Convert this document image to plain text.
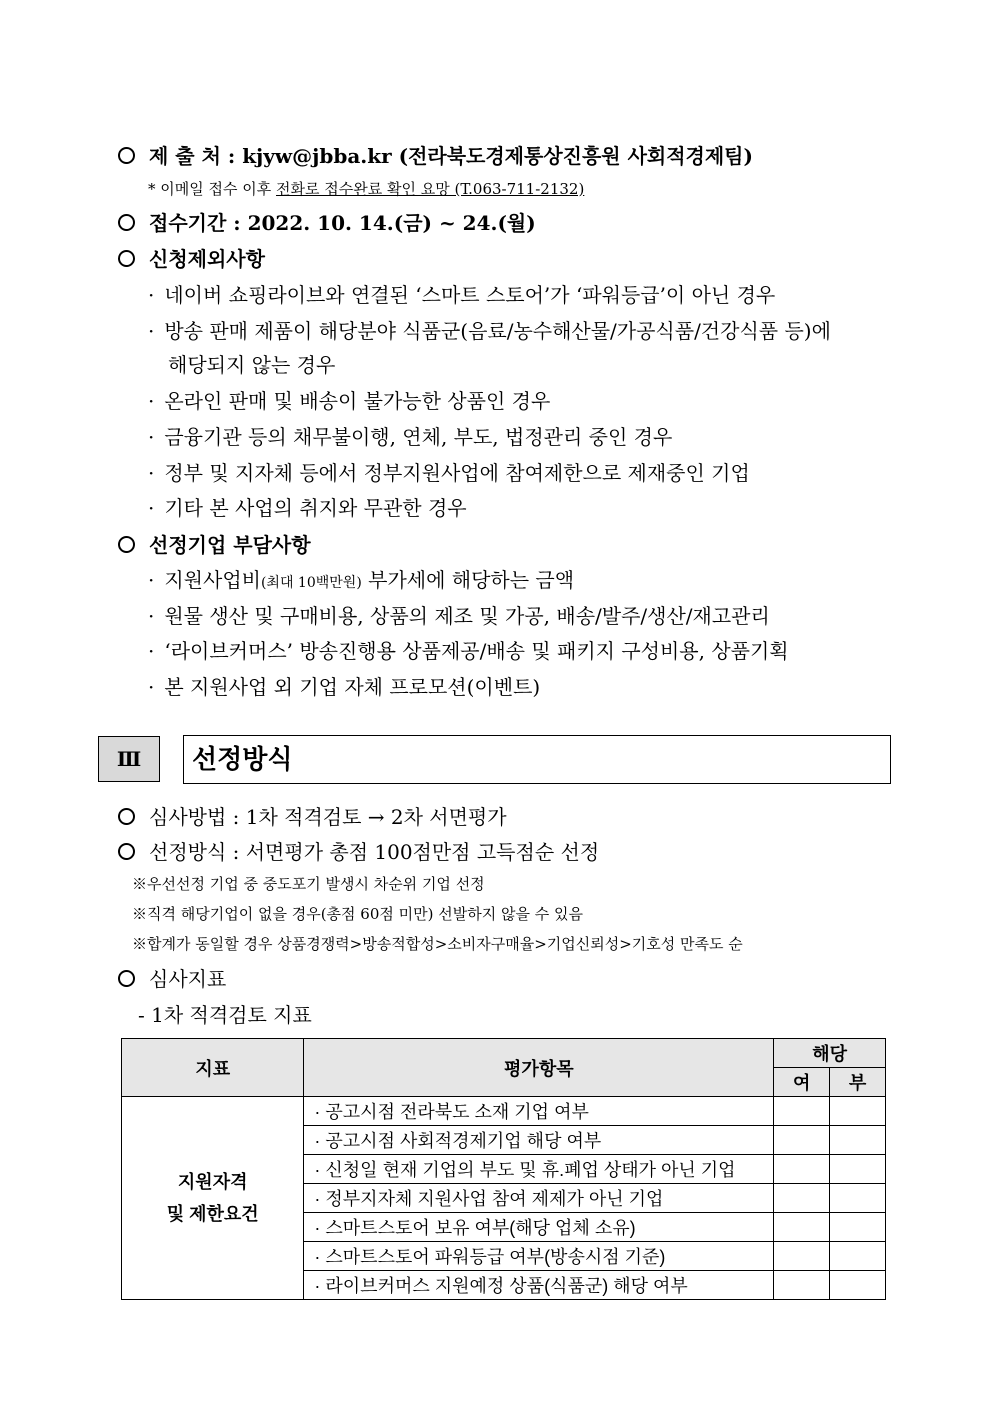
제 출 처 : kjyw@jbba.kr (전라북도경제통상진흥원 사회적경제팀)
* 이메일 접수 이후 전화로 접수완료 확인 요망 (T.063-711-2132)
접수기간 : 2022. 10. 14.(금) ~ 24.(월)
신청제외사항
· 네이버 쇼핑라이브와 연결된 ‘스마트 스토어’가 ‘파워등급’이 아닌 경우
· 방송 판매 제품이 해당분야 식품군(음료/농수해산물/가공식품/건강식품 등)에
해당되지 않는 경우
· 온라인 판매 및 배송이 불가능한 상품인 경우
· 금융기관 등의 채무불이행, 연체, 부도, 법정관리 중인 경우
· 정부 및 지자체 등에서 정부지원사업에 참여제한으로 제재중인 기업
· 기타 본 사업의 취지와 무관한 경우
선정기업 부담사항
· 지원사업비(최대 10백만원) 부가세에 해당하는 금액
· 원물 생산 및 구매비용, 상품의 제조 및 가공, 배송/발주/생산/재고관리
· ‘라이브커머스’ 방송진행용 상품제공/배송 및 패키지 구성비용, 상품기획
· 본 지원사업 외 기업 자체 프로모션(이벤트)
Ⅲ	선정방식
심사방법 : 1차 적격검토 → 2차 서면평가
선정방식 : 서면평가 총점 100점만점 고득점순 선정
※우선선정 기업 중 중도포기 발생시 차순위 기업 선정
※직격 해당기업이 없을 경우(총점 60점 미만) 선발하지 않을 수 있음
※합계가 동일할 경우 상품경쟁력>방송적합성>소비자구매율>기업신뢰성>기호성 만족도 순
심사지표
- 1차 적격검토 지표
지표	평가항목	해당	
		여	부
지원자격
및 제한요건	· 공고시점 전라북도 소재 기업 여부		
	· 공고시점 사회적경제기업 해당 여부		
	· 신청일 현재 기업의 부도 및 휴.폐업 상태가 아닌 기업		
	· 정부지자체 지원사업 참여 제제가 아닌 기업		
	· 스마트스토어 보유 여부(해당 업체 소유)		
	· 스마트스토어 파워등급 여부(방송시점 기준)		
	· 라이브커머스 지원예정 상품(식품군) 해당 여부		
